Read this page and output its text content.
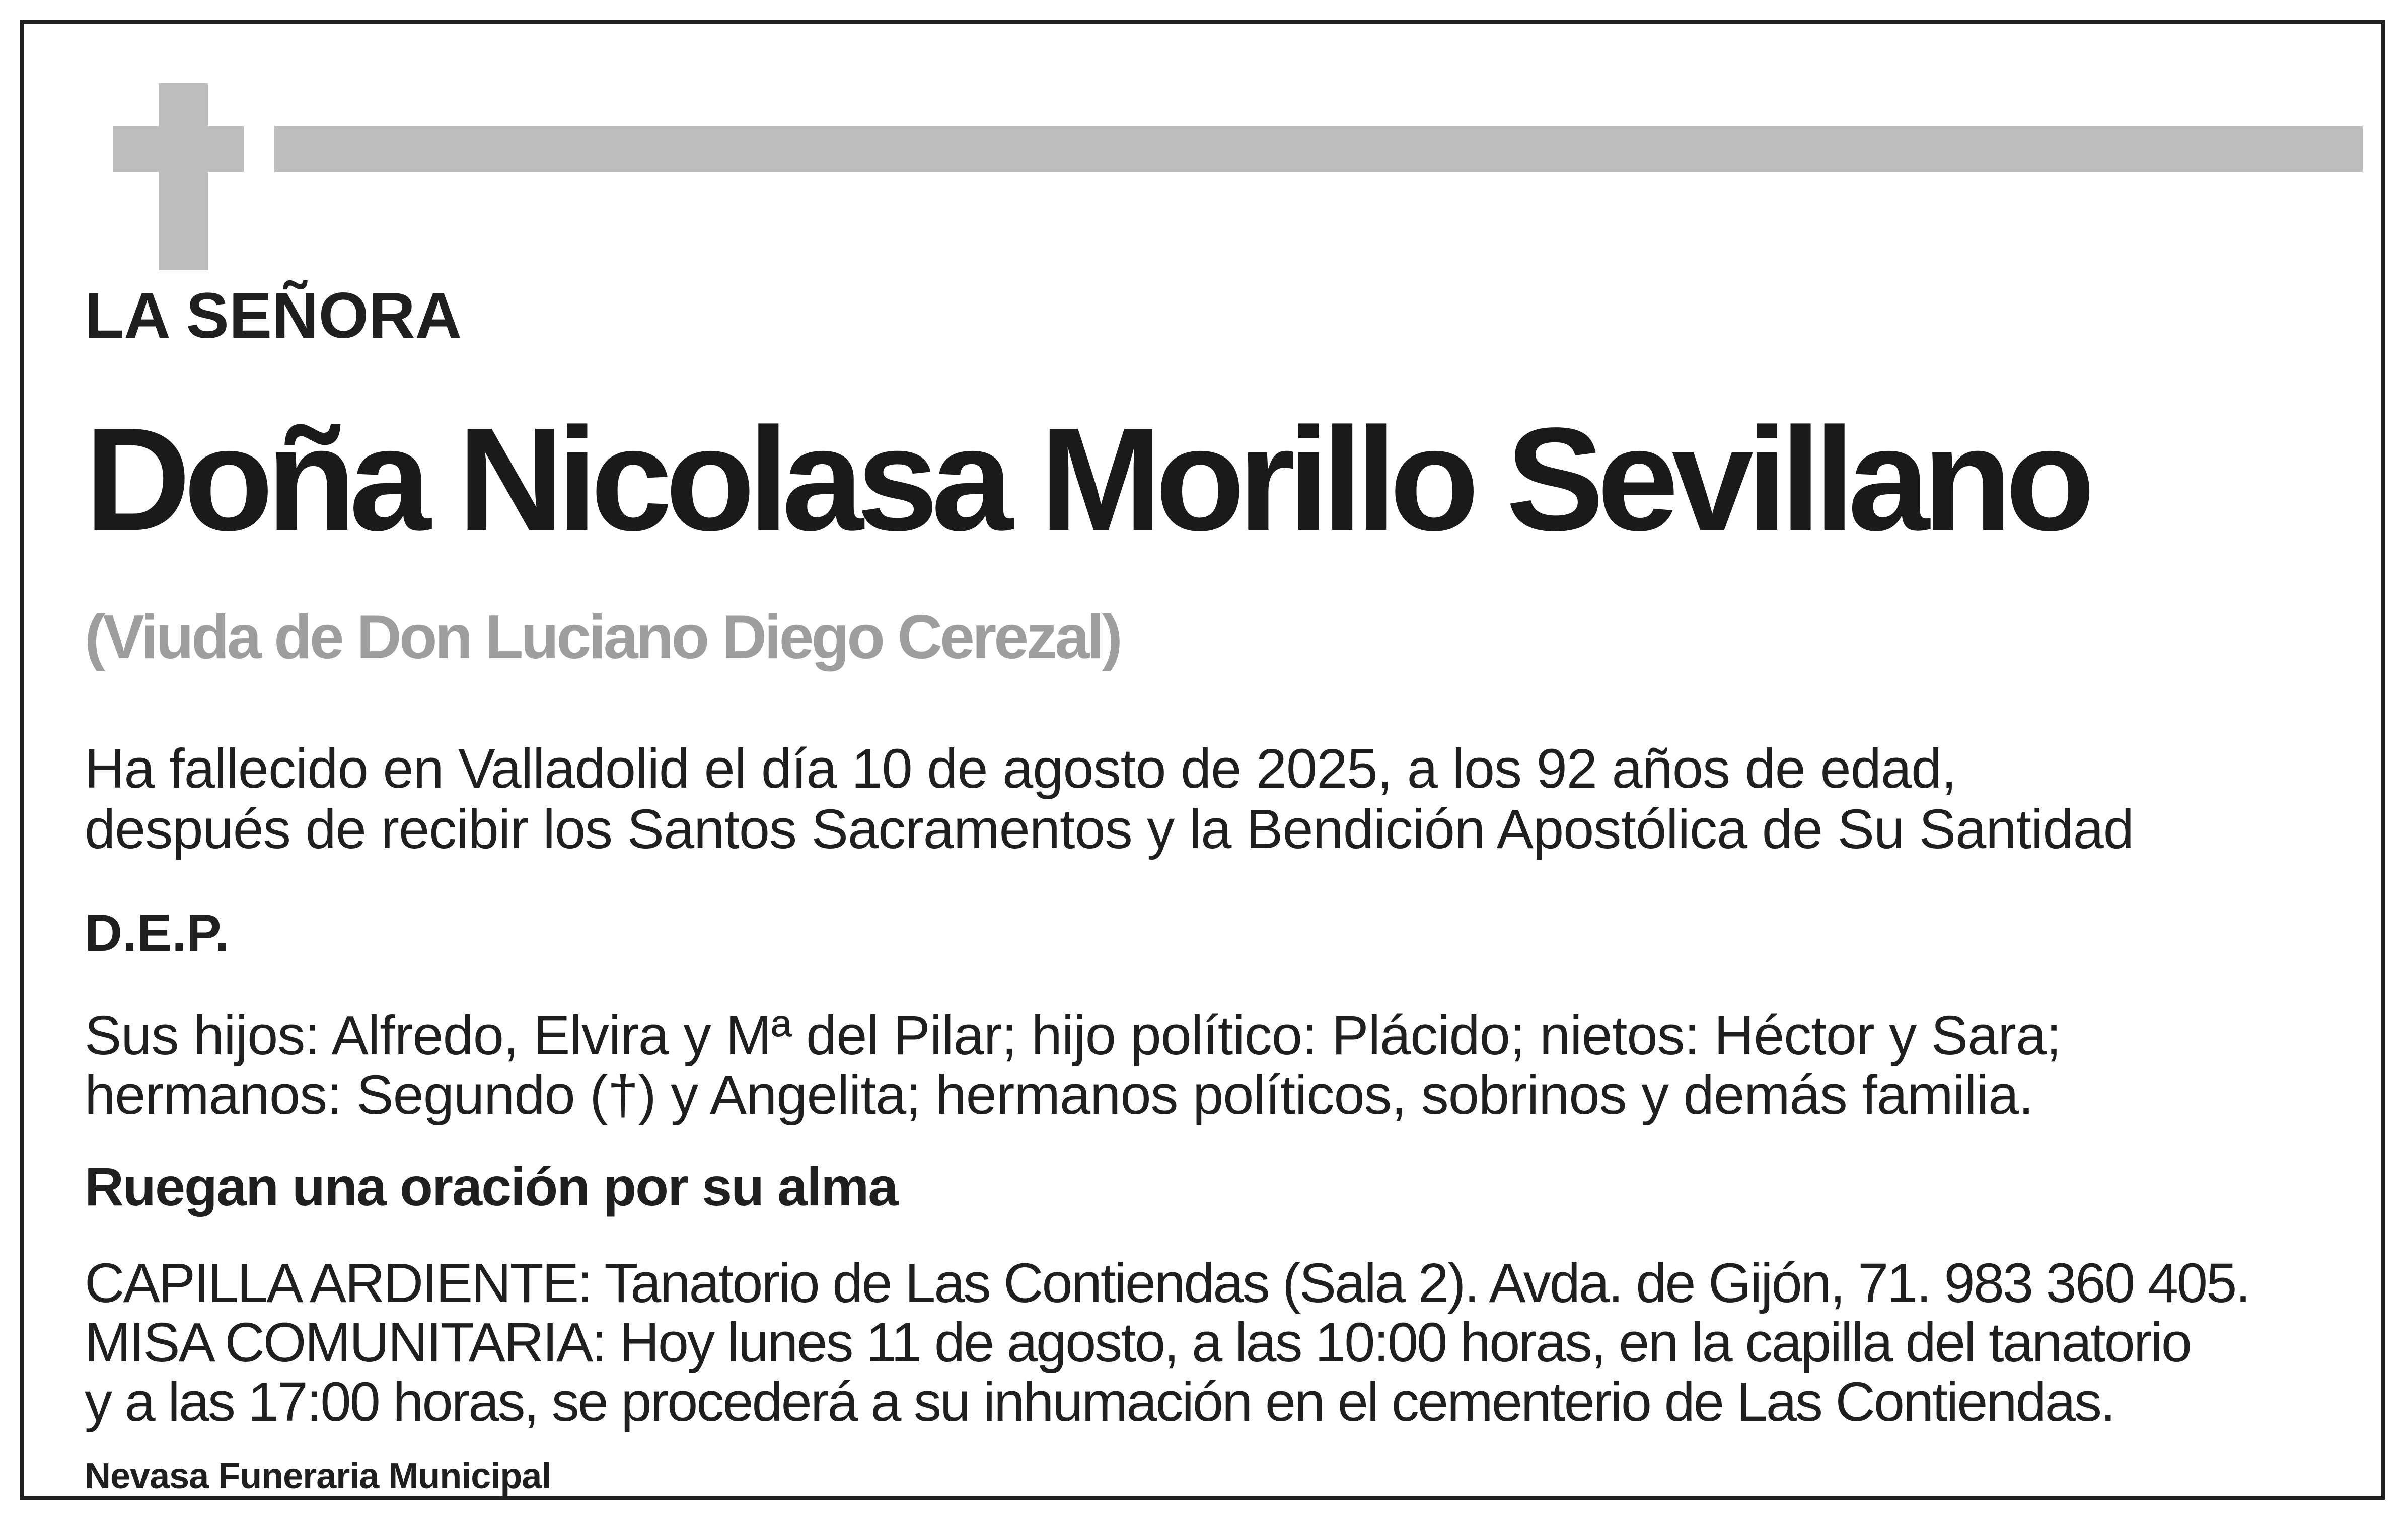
LA SEÑORA

Doña Nicolasa Morillo Sevillano

(Viuda de Don Luciano Diego Cerezal)

Ha fallecido en Valladolid el día 10 de agosto de 2025, a los 92 años de edad,

después de recibir los Santos Sacramentos y la Bendición Apostólica de Su Santidad

D.E.P.

Sus hijos: Alfredo, Elvira y Mª del Pilar; hijo político: Plácido; nietos: Héctor y Sara;

hermanos: Segundo (†) y Angelita; hermanos políticos, sobrinos y demás familia.

Ruegan una oración por su alma

CAPILLA ARDIENTE: Tanatorio de Las Contiendas (Sala 2). Avda. de Gijón, 71. 983 360 405.

MISA COMUNITARIA: Hoy lunes 11 de agosto, a las 10:00 horas, en la capilla del tanatorio

y a las 17:00 horas, se procederá a su inhumación en el cementerio de Las Contiendas.

Nevasa Funeraria Municipal
